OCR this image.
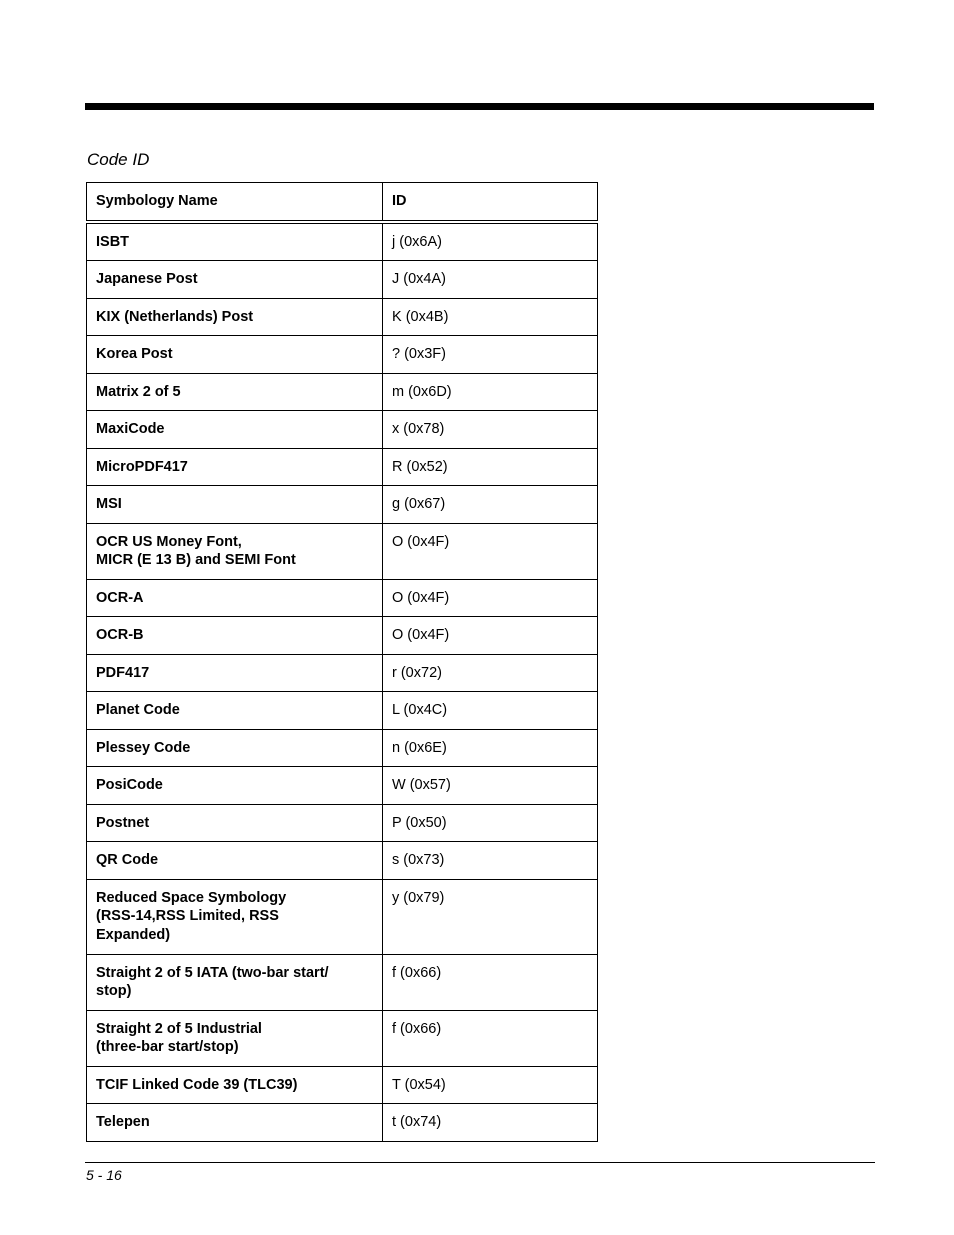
Code ID
Symbology Name	ID

ISBT	j (0x6A)

Japanese Post	J (0x4A)

KIX (Netherlands) Post	K (0x4B)

Korea Post	? (0x3F)

Matrix 2 of 5	m (0x6D)

MaxiCode	x (0x78)

MicroPDF417	R (0x52)

MSI	g (0x67)

OCR US Money Font,
MICR (E 13 B) and SEMI Font	O (0x4F)

OCR-A	O (0x4F)

OCR-B	O (0x4F)

PDF417	r (0x72)

Planet Code	L (0x4C)

Plessey Code	n (0x6E)

PosiCode	W (0x57)

Postnet	P (0x50)

QR Code	s (0x73)

Reduced Space Symbology
(RSS-14,RSS Limited, RSS
Expanded)	y (0x79)

Straight 2 of 5 IATA (two-bar start/
stop)	f (0x66)

Straight 2 of 5 Industrial
(three-bar start/stop)	f (0x66)

TCIF Linked Code 39 (TLC39)	T (0x54)

Telepen	t (0x74)
5 - 16
